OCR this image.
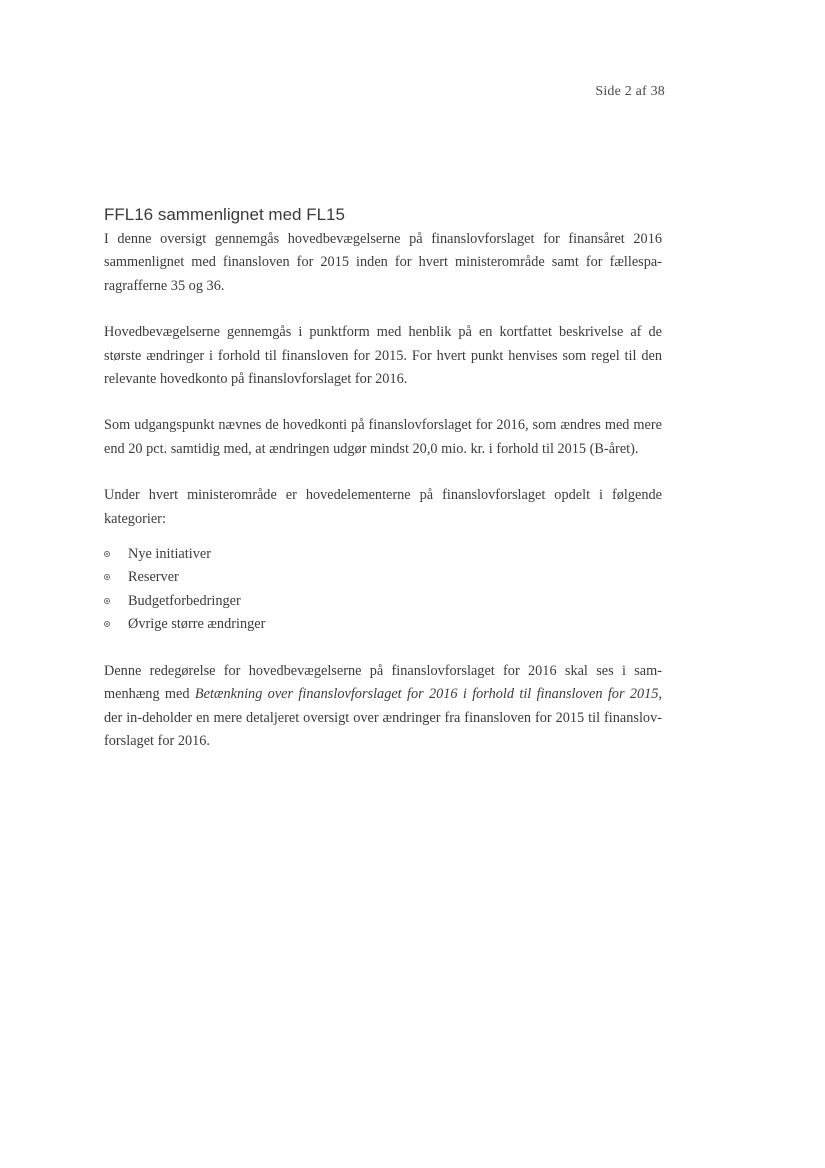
Side 2 af 38
FFL16 sammenlignet med FL15

I denne oversigt gennemgås hovedbevægelserne på finanslovforslaget for finansåret 2016 sammenlignet med finansloven for 2015 inden for hvert ministerområde samt for fællespa-ragrafferne 35 og 36.

Hovedbevægelserne gennemgås i punktform med henblik på en kortfattet beskrivelse af de største ændringer i forhold til finansloven for 2015. For hvert punkt henvises som regel til den relevante hovedkonto på finanslovforslaget for 2016.

Som udgangspunkt nævnes de hovedkonti på finanslovforslaget for 2016, som ændres med mere end 20 pct. samtidig med, at ændringen udgør mindst 20,0 mio. kr. i forhold til 2015 (B-året).

Under hvert ministerområde er hovedelementerne på finanslovforslaget opdelt i følgende kategorier:

Nye initiativer
Reserver
Budgetforbedringer
Øvrige større ændringer

Denne redegørelse for hovedbevægelserne på finanslovforslaget for 2016 skal ses i sam-menhæng med Betænkning over finanslovforslaget for 2016 i forhold til finansloven for 2015, der in-deholder en mere detaljeret oversigt over ændringer fra finansloven for 2015 til finanslov-forslaget for 2016.
